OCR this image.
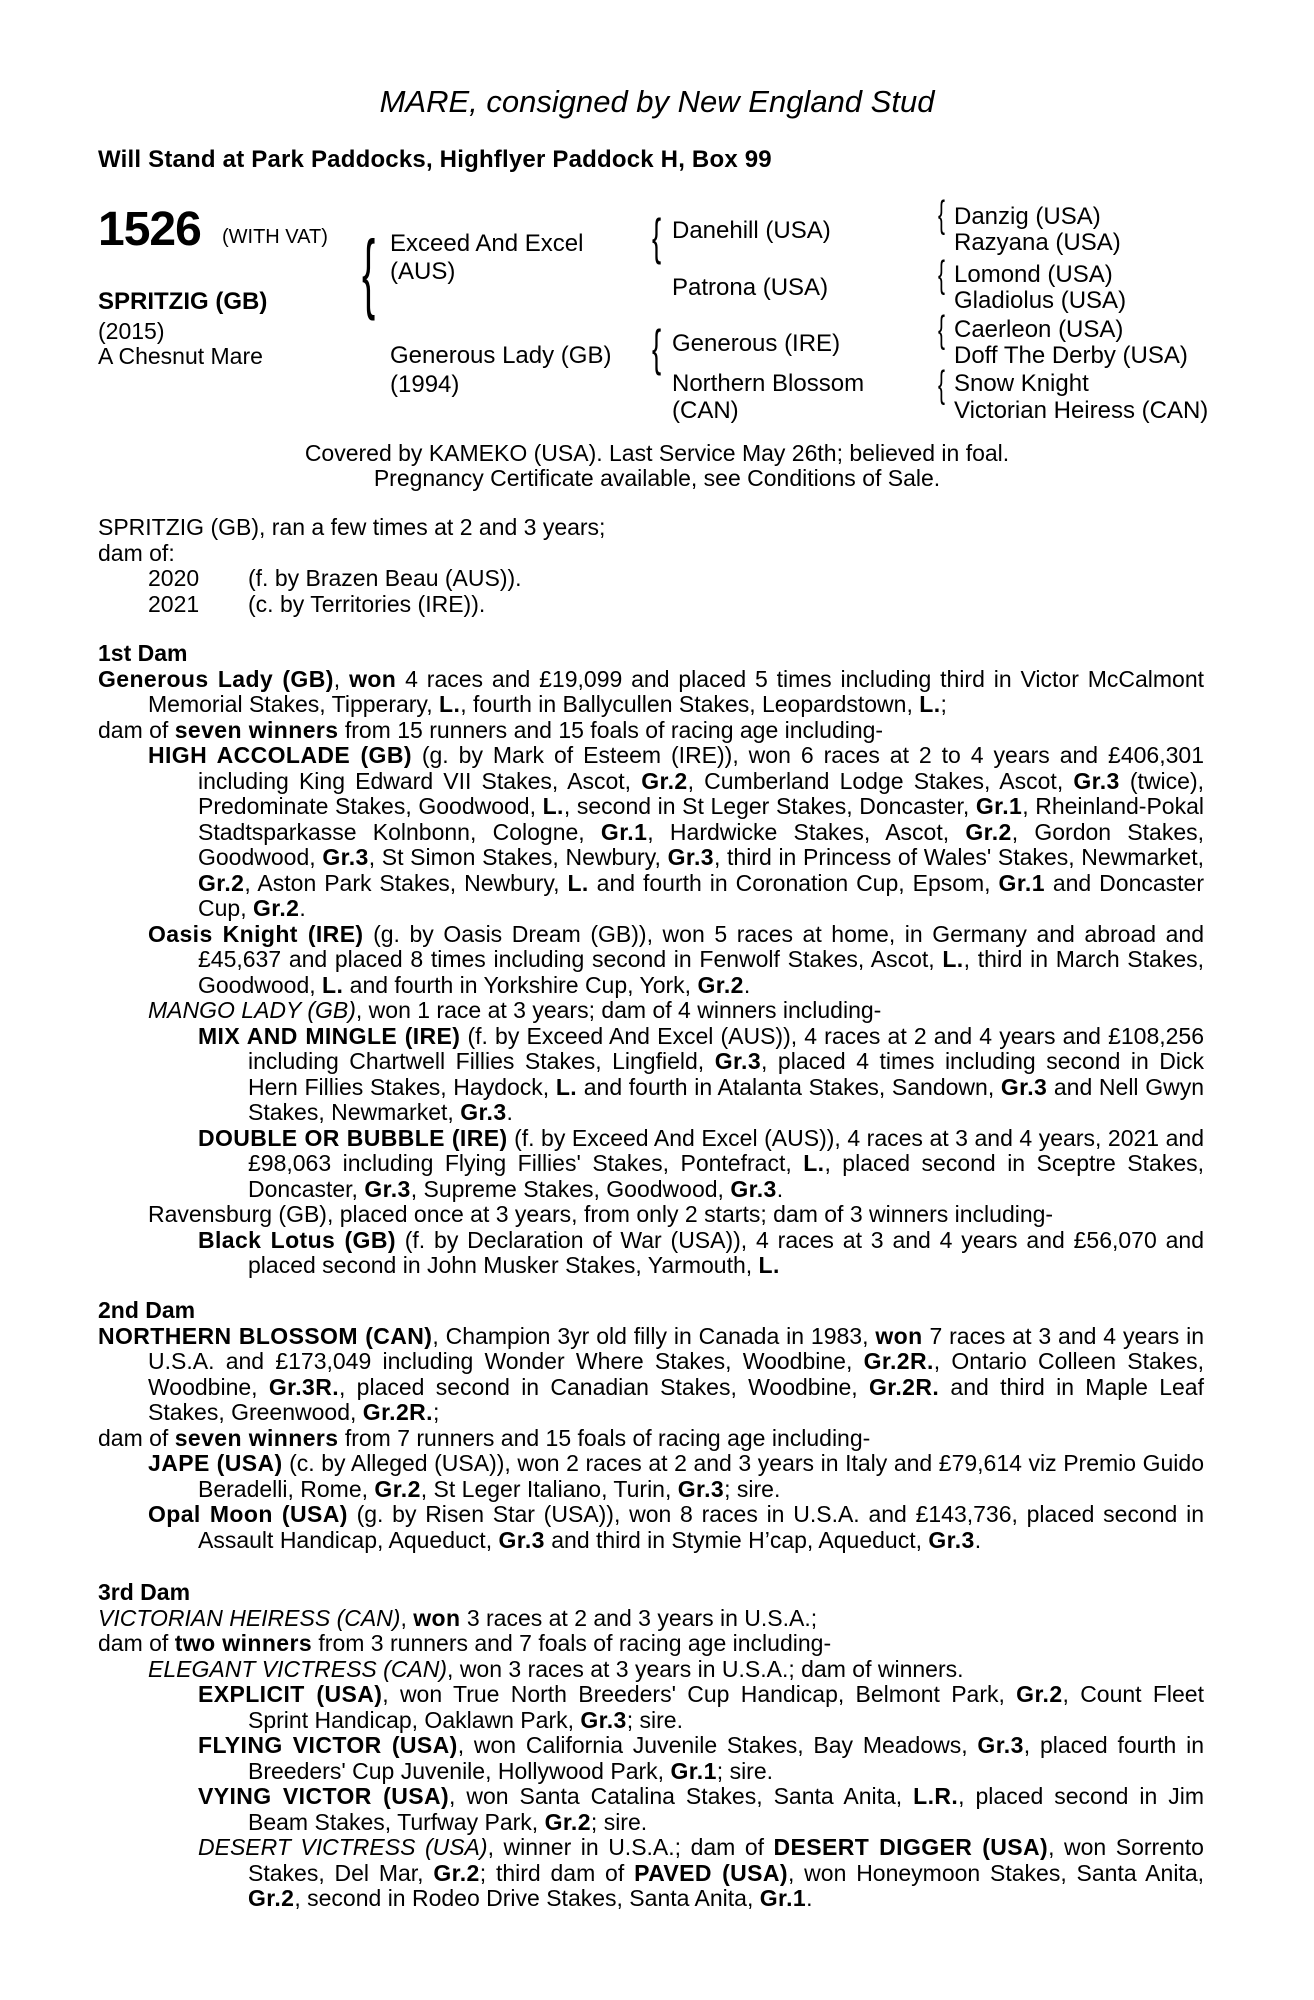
MARE, consigned by New England Stud
Will Stand at Park Paddocks, Highflyer Paddock H, Box 99
1526 (WITH VAT)
SPRITZIG (GB)
(2015)
A Chesnut Mare
{ Exceed And Excel
(AUS)
Generous Lady (GB)
(1994)
{ Danehill (USA)
Patrona (USA)
{ Generous (IRE)
Northern Blossom
(CAN)
{ Danzig (USA)
Razyana (USA)
{ Lomond (USA)
Gladiolus (USA)
{ Caerleon (USA)
Doff The Derby (USA)
{ Snow Knight
Victorian Heiress (CAN)
Covered by KAMEKO (USA). Last Service May 26th; believed in foal.
Pregnancy Certificate available, see Conditions of Sale.

SPRITZIG (GB), ran a few times at 2 and 3 years;

dam of:

2020 (f. by Brazen Beau (AUS)).

2021 (c. by Territories (IRE)).

1st Dam

Generous Lady (GB), won 4 races and £19,099 and placed 5 times including third in Victor McCalmont Memorial Stakes, Tipperary, L., fourth in Ballycullen Stakes, Leopardstown, L.;

dam of seven winners from 15 runners and 15 foals of racing age including-

HIGH ACCOLADE (GB) (g. by Mark of Esteem (IRE)), won 6 races at 2 to 4 years and £406,301 including King Edward VII Stakes, Ascot, Gr.2, Cumberland Lodge Stakes, Ascot, Gr.3 (twice), Predominate Stakes, Goodwood, L., second in St Leger Stakes, Doncaster, Gr.1, Rheinland-Pokal Stadtsparkasse Kolnbonn, Cologne, Gr.1, Hardwicke Stakes, Ascot, Gr.2, Gordon Stakes, Goodwood, Gr.3, St Simon Stakes, Newbury, Gr.3, third in Princess of Wales' Stakes, Newmarket, Gr.2, Aston Park Stakes, Newbury, L. and fourth in Coronation Cup, Epsom, Gr.1 and Doncaster Cup, Gr.2.

Oasis Knight (IRE) (g. by Oasis Dream (GB)), won 5 races at home, in Germany and abroad and £45,637 and placed 8 times including second in Fenwolf Stakes, Ascot, L., third in March Stakes, Goodwood, L. and fourth in Yorkshire Cup, York, Gr.2.

MANGO LADY (GB), won 1 race at 3 years; dam of 4 winners including-

MIX AND MINGLE (IRE) (f. by Exceed And Excel (AUS)), 4 races at 2 and 4 years and £108,256 including Chartwell Fillies Stakes, Lingfield, Gr.3, placed 4 times including second in Dick Hern Fillies Stakes, Haydock, L. and fourth in Atalanta Stakes, Sandown, Gr.3 and Nell Gwyn Stakes, Newmarket, Gr.3.

DOUBLE OR BUBBLE (IRE) (f. by Exceed And Excel (AUS)), 4 races at 3 and 4 years, 2021 and £98,063 including Flying Fillies' Stakes, Pontefract, L., placed second in Sceptre Stakes, Doncaster, Gr.3, Supreme Stakes, Goodwood, Gr.3.

Ravensburg (GB), placed once at 3 years, from only 2 starts; dam of 3 winners including-

Black Lotus (GB) (f. by Declaration of War (USA)), 4 races at 3 and 4 years and £56,070 and placed second in John Musker Stakes, Yarmouth, L.

2nd Dam

NORTHERN BLOSSOM (CAN), Champion 3yr old filly in Canada in 1983, won 7 races at 3 and 4 years in U.S.A. and £173,049 including Wonder Where Stakes, Woodbine, Gr.2R., Ontario Colleen Stakes, Woodbine, Gr.3R., placed second in Canadian Stakes, Woodbine, Gr.2R. and third in Maple Leaf Stakes, Greenwood, Gr.2R.;

dam of seven winners from 7 runners and 15 foals of racing age including-

JAPE (USA) (c. by Alleged (USA)), won 2 races at 2 and 3 years in Italy and £79,614 viz Premio Guido Beradelli, Rome, Gr.2, St Leger Italiano, Turin, Gr.3; sire.

Opal Moon (USA) (g. by Risen Star (USA)), won 8 races in U.S.A. and £143,736, placed second in Assault Handicap, Aqueduct, Gr.3 and third in Stymie H’cap, Aqueduct, Gr.3.

3rd Dam

VICTORIAN HEIRESS (CAN), won 3 races at 2 and 3 years in U.S.A.;

dam of two winners from 3 runners and 7 foals of racing age including-

ELEGANT VICTRESS (CAN), won 3 races at 3 years in U.S.A.; dam of winners.

EXPLICIT (USA), won True North Breeders' Cup Handicap, Belmont Park, Gr.2, Count Fleet Sprint Handicap, Oaklawn Park, Gr.3; sire.

FLYING VICTOR (USA), won California Juvenile Stakes, Bay Meadows, Gr.3, placed fourth in Breeders' Cup Juvenile, Hollywood Park, Gr.1; sire.

VYING VICTOR (USA), won Santa Catalina Stakes, Santa Anita, L.R., placed second in Jim Beam Stakes, Turfway Park, Gr.2; sire.

DESERT VICTRESS (USA), winner in U.S.A.; dam of DESERT DIGGER (USA), won Sorrento Stakes, Del Mar, Gr.2; third dam of PAVED (USA), won Honeymoon Stakes, Santa Anita, Gr.2, second in Rodeo Drive Stakes, Santa Anita, Gr.1.
